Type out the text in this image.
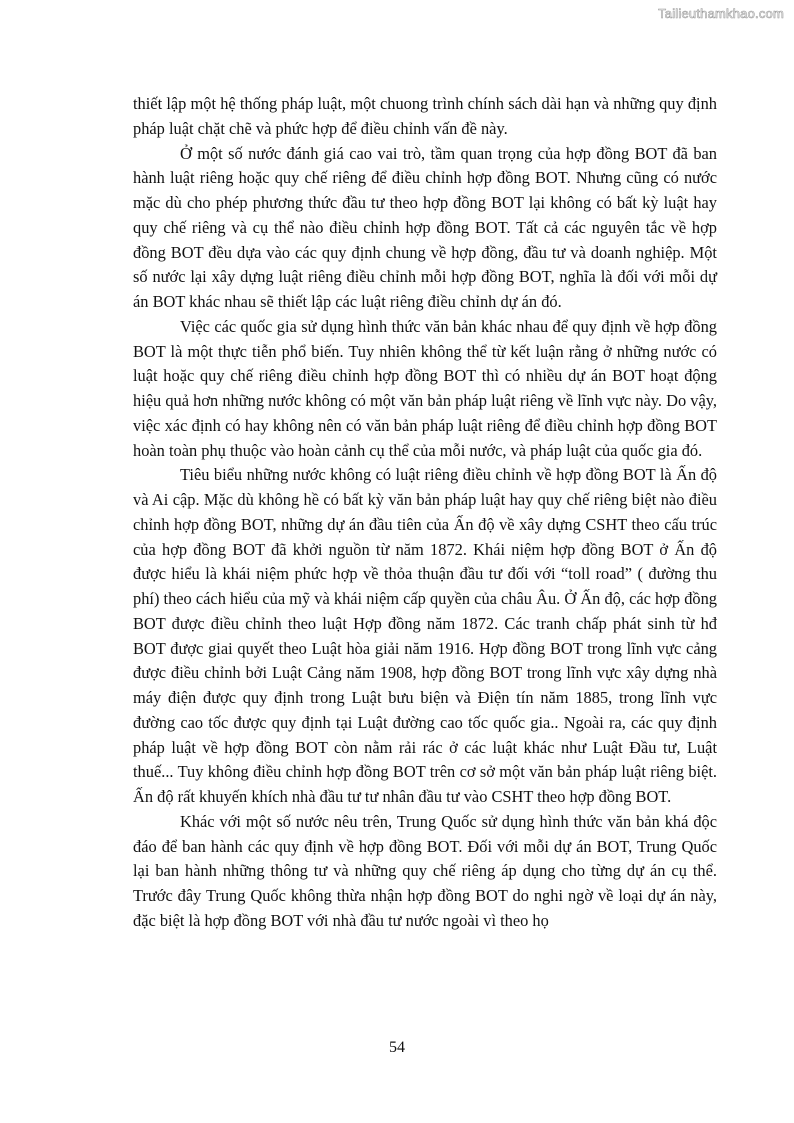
Tailieuthamkhao.com

thiết lập một hệ thống pháp luật, một chuong trình chính sách dài hạn và những quy định pháp luật chặt chẽ và phức hợp để điều chỉnh vấn đề này.

Ở một số nước đánh giá cao vai trò, tầm quan trọng của hợp đồng BOT đã ban hành luật riêng hoặc quy chế riêng để điều chỉnh hợp đồng BOT. Nhưng cũng có nước mặc dù cho phép phương thức đầu tư theo hợp đồng BOT lại không có bất kỳ luật hay quy chế riêng và cụ thể nào điều chỉnh hợp đồng BOT. Tất cả các nguyên tắc về hợp đồng BOT đều dựa vào các quy định chung về hợp đồng, đầu tư và doanh nghiệp. Một số nước lại xây dựng luật riêng điều chỉnh mỗi hợp đồng BOT, nghĩa là đối với mỗi dự án BOT khác nhau sẽ thiết lập các luật riêng điều chỉnh dự án đó.

Việc các quốc gia sử dụng hình thức văn bản khác nhau để quy định về hợp đồng BOT là một thực tiễn phổ biến. Tuy nhiên không thể từ kết luận rằng ở những nước có luật hoặc quy chế riêng điều chỉnh hợp đồng BOT thì có nhiều dự án BOT hoạt động hiệu quả hơn những nước không có một văn bản pháp luật riêng về lĩnh vực này. Do vậy, việc xác định có hay không nên có văn bản pháp luật riêng để điều chỉnh hợp đồng BOT hoàn toàn phụ thuộc vào hoàn cảnh cụ thể của mỗi nước, và pháp luật của quốc gia đó.

Tiêu biểu những nước không có luật riêng điều chỉnh về hợp đồng BOT là Ấn độ và Ai cập. Mặc dù không hề có bất kỳ văn bản pháp luật hay quy chế riêng biệt nào điều chỉnh hợp đồng BOT, những dự án đầu tiên của Ấn độ về xây dựng CSHT theo cấu trúc của hợp đồng BOT đã khởi nguồn từ năm 1872. Khái niệm hợp đồng BOT ở Ấn độ được hiểu là khái niệm phức hợp về thỏa thuận đầu tư đối với “toll road” ( đường thu phí) theo cách hiểu của mỹ và khái niệm cấp quyền của châu Âu. Ở Ấn độ, các hợp đồng BOT được điều chỉnh theo luật Hợp đồng năm 1872. Các tranh chấp phát sinh từ hđ BOT được giai quyết theo Luật hòa giải năm 1916. Hợp đồng BOT trong lĩnh vực cảng được điều chỉnh bởi Luật Cảng năm 1908, hợp đồng BOT trong lĩnh vực xây dựng nhà máy điện được quy định trong Luật bưu biện và Điện tín năm 1885, trong lĩnh vực đường cao tốc được quy định tại Luật đường cao tốc quốc gia.. Ngoài ra, các quy định pháp luật về hợp đồng BOT còn nằm rải rác ở các luật khác như Luật Đầu tư, Luật thuế... Tuy không điều chỉnh hợp đồng BOT trên cơ sở một văn bản pháp luật riêng biệt. Ấn độ rất khuyến khích nhà đầu tư tư nhân đầu tư vào CSHT theo hợp đồng BOT.

Khác với một số nước nêu trên, Trung Quốc sử dụng hình thức văn bản khá độc đáo để ban hành các quy định về hợp đồng BOT. Đối với mỗi dự án BOT, Trung Quốc lại ban hành những thông tư và những quy chế riêng áp dụng cho từng dự án cụ thể. Trước đây Trung Quốc không thừa nhận hợp đồng BOT do nghi ngờ về loại dự án này, đặc biệt là hợp đồng BOT với nhà đầu tư nước ngoài vì theo họ

54
